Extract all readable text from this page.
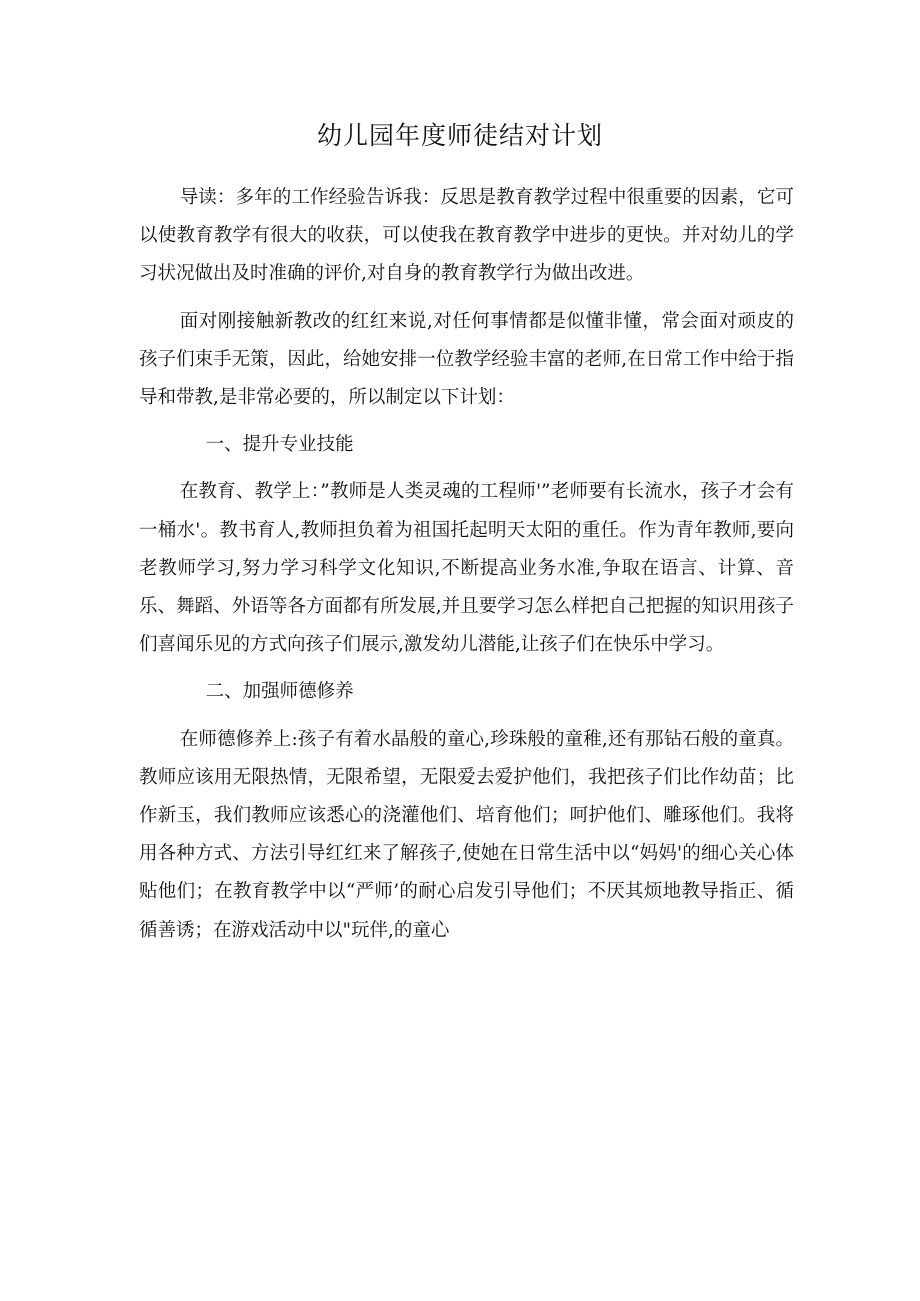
幼儿园年度师徒结对计划

导读：多年的工作经验告诉我：反思是教育教学过程中很重要的因素，它可以使教育教学有很大的收获，可以使我在教育教学中进步的更快。并对幼儿的学习状况做出及时准确的评价,对自身的教育教学行为做出改进。

面对刚接触新教改的红红来说,对任何事情都是似懂非懂，常会面对顽皮的孩子们束手无策，因此，给她安排一位教学经验丰富的老师,在日常工作中给于指导和带教,是非常必要的，所以制定以下计划：

一、提升专业技能

在教育、教学上：”教师是人类灵魂的工程师'”老师要有长流水，孩子才会有一桶水'。教书育人,教师担负着为祖国托起明天太阳的重任。作为青年教师,要向老教师学习,努力学习科学文化知识,不断提高业务水准,争取在语言、计算、音乐、舞蹈、外语等各方面都有所发展,并且要学习怎么样把自己把握的知识用孩子们喜闻乐见的方式向孩子们展示,激发幼儿潜能,让孩子们在快乐中学习。

二、加强师德修养

在师德修养上:孩子有着水晶般的童心,珍珠般的童稚,还有那钻石般的童真。教师应该用无限热情，无限希望，无限爱去爱护他们，我把孩子们比作幼苗；比作新玉，我们教师应该悉心的浇灌他们、培育他们；呵护他们、雕琢他们。我将用各种方式、方法引导红红来了解孩子,使她在日常生活中以“妈妈'的细心关心体贴他们；在教育教学中以“严师’的耐心启发引导他们；不厌其烦地教导指正、循循善诱；在游戏活动中以"玩伴,的童心
